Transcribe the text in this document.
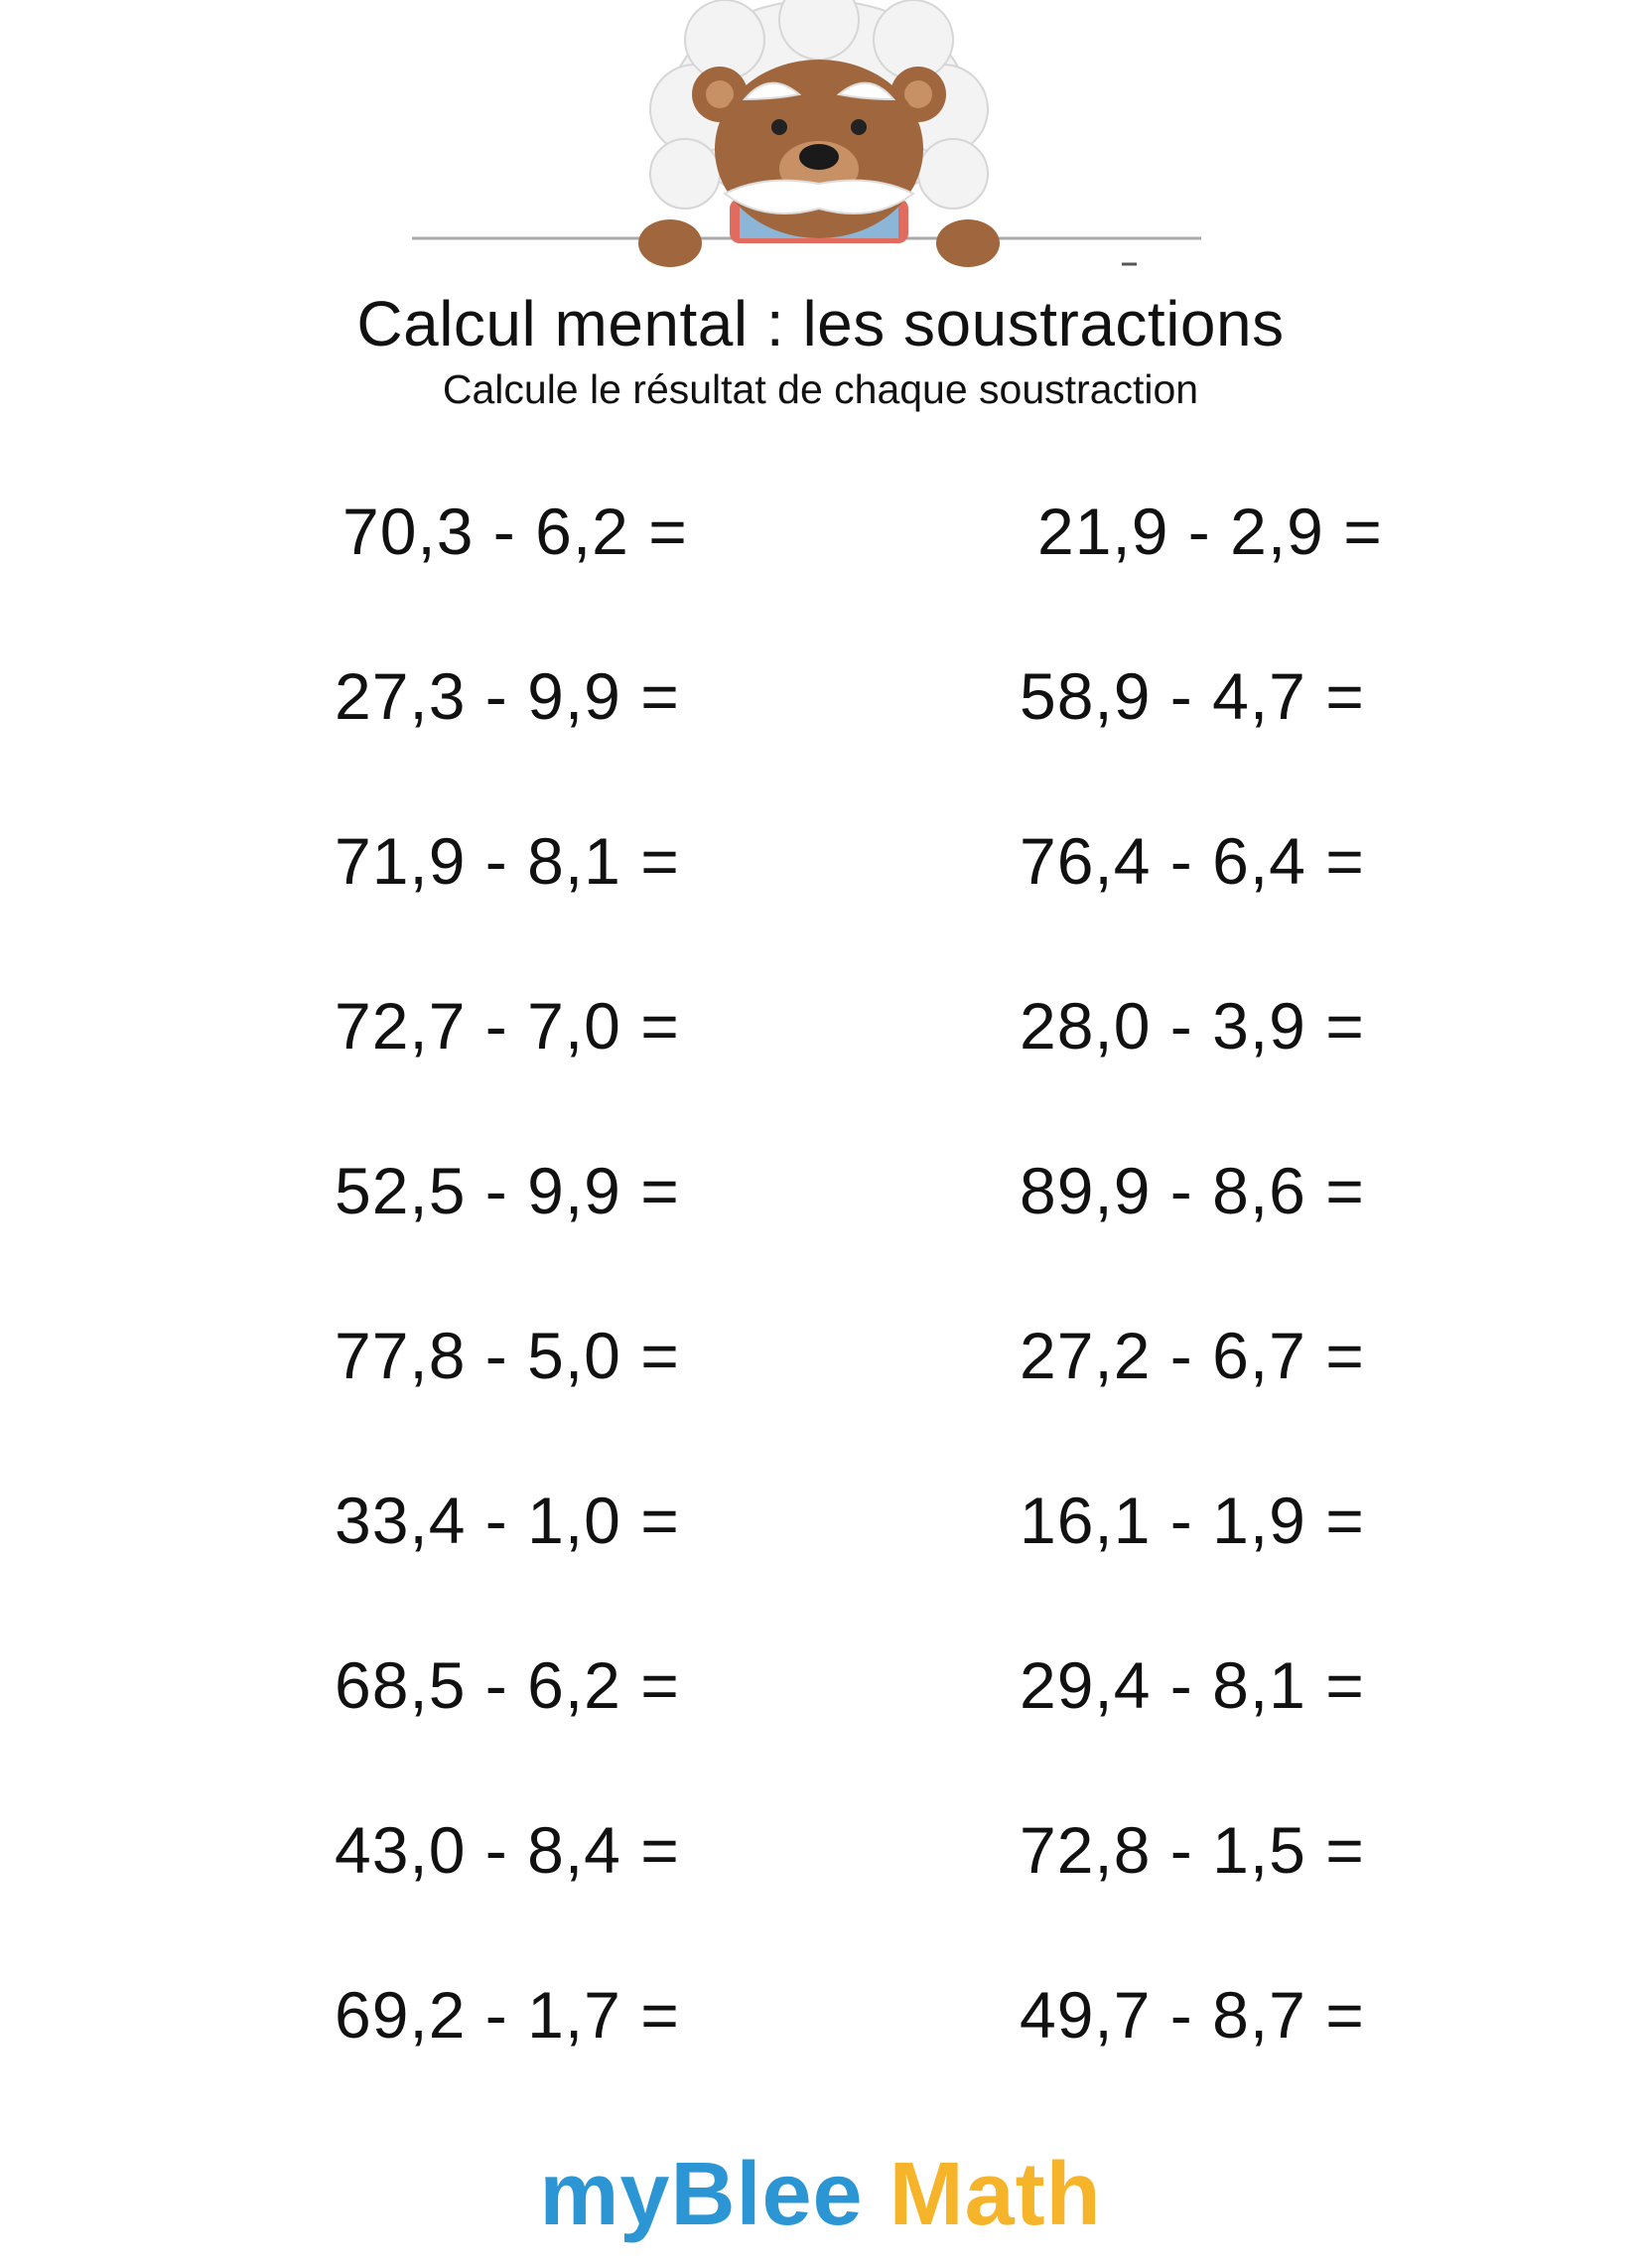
Calcul mental : les soustractions
Calcule le résultat de chaque soustraction
70,3 - 6,2 =
27,3 - 9,9 =
71,9 - 8,1 =
72,7 - 7,0 =
52,5 - 9,9 =
77,8 - 5,0 =
33,4 - 1,0 =
68,5 - 6,2 =
43,0 - 8,4 =
69,2 - 1,7 =
21,9 - 2,9 =
58,9 - 4,7 =
76,4 - 6,4 =
28,0 - 3,9 =
89,9 - 8,6 =
27,2 - 6,7 =
16,1 - 1,9 =
29,4 - 8,1 =
72,8 - 1,5 =
49,7 - 8,7 =
myBlee Math
